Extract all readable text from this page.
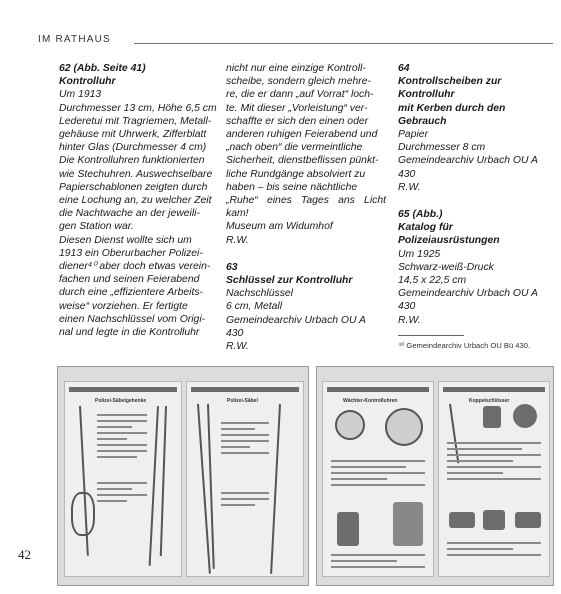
IM RATHAUS

62 (Abb. Seite 41)

Kontrolluhr

Um 1913

Durchmesser 13 cm, Höhe 6,5 cm

Lederetui mit Tragriemen, Metall-

gehäuse mit Uhrwerk, Zifferblatt

hinter Glas (Durchmesser 4 cm)

Die Kontrolluhren funktionierten

wie Stechuhren. Auswechselbare

Papierschablonen zeigten durch

eine Lochung an, zu welcher Zeit

die Nachtwache an der jeweili-

gen Station war.

Diesen Dienst wollte sich um

1913 ein Oberurbacher Polizei-

diener⁴⁰ aber doch etwas verein-

fachen und seinen Feierabend

durch eine „effizientere Arbeits-

weise“ vorziehen. Er fertigte

einen Nachschlüssel vom Origi-

nal und legte in die Kontrolluhr

nicht nur eine einzige Kontroll-

scheibe, sondern gleich mehre-

re, die er dann „auf Vorrat“ loch-

te. Mit dieser „Vorleistung“ ver-

schaffte er sich den einen oder

anderen ruhigen Feierabend und

„nach oben“ die vermeintliche

Sicherheit, dienstbeflissen pünkt-

liche Rundgänge absolviert zu

haben – bis seine nächtliche

„Ruhe“ eines Tages ans Licht kam!

Museum am Widumhof

R.W.

63

Schlüssel zur Kontrolluhr

Nachschlüssel

6 cm, Metall

Gemeindearchiv Urbach OU A

430

R.W.

64

Kontrollscheiben zur Kontrolluhr

mit Kerben durch den Gebrauch

Papier

Durchmesser 8 cm

Gemeindearchiv Urbach OU A

430

R.W.

65 (Abb.)

Katalog für Polizeiausrüstungen

Um 1925

Schwarz-weiß-Druck

14,5 x 22,5 cm

Gemeindearchiv Urbach OU A

430

R.W.

⁴⁰ Gemeindearchiv Urbach OU Bü 430.
Polizei-Säbelgehenke	Polizei-Säbel	Wächter-Kontrolluhren	Koppelschlösser
42
